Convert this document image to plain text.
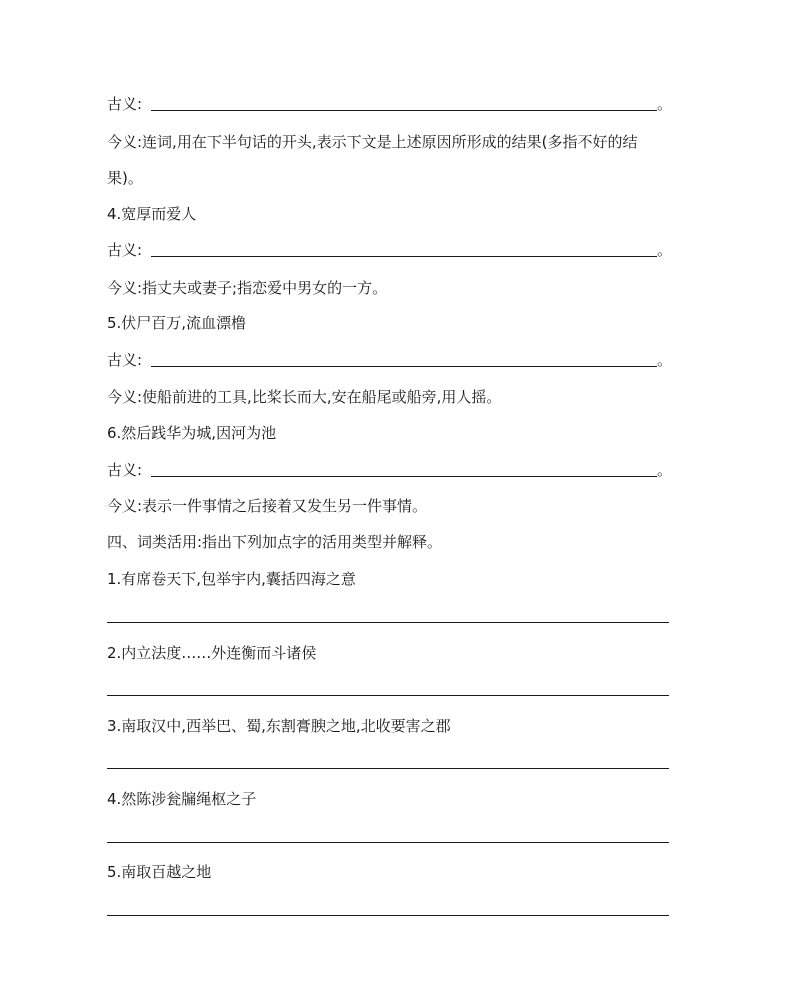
古义:	。
今义:连词,用在下半句话的开头,表示下文是上述原因所形成的结果(多指不好的结
果)。
4.宽厚而爱人
古义:	。
今义:指丈夫或妻子;指恋爱中男女的一方。
5.伏尸百万,流血漂橹
古义:	。
今义:使船前进的工具,比桨长而大,安在船尾或船旁,用人摇。
6.然后践华为城,因河为池
古义:	。
今义:表示一件事情之后接着又发生另一件事情。
四、词类活用:指出下列加点字的活用类型并解释。
1.有席卷天下,包举宇内,囊括四海之意
2.内立法度……外连衡而斗诸侯
3.南取汉中,西举巴、蜀,东割膏腴之地,北收要害之郡
4.然陈涉瓮牖绳枢之子
5.南取百越之地
